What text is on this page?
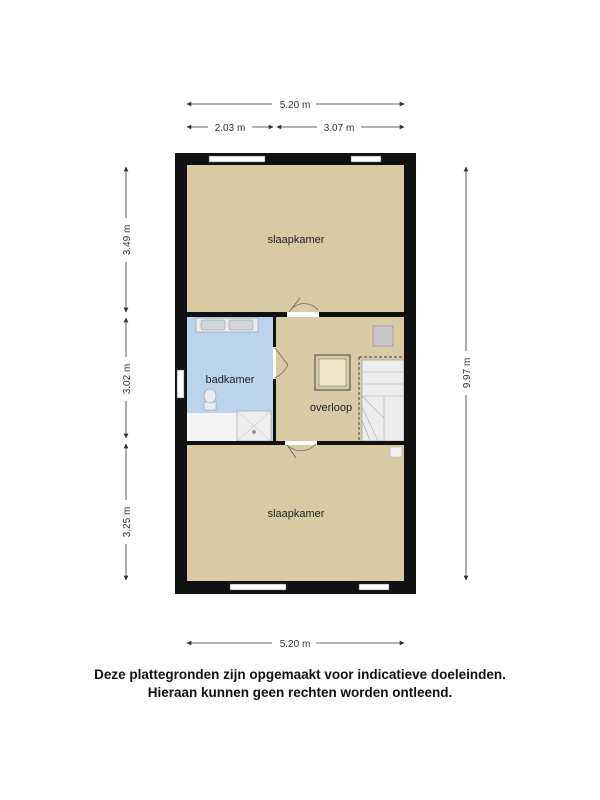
5.20 m
2.03 m	3.07 m
3.49 m
3.02 m
3.25 m
9.97 m
5.20 m
slaapkamer
badkamer
overloop
slaapkamer
Deze plattegronden zijn opgemaakt voor indicatieve doeleinden.
Hieraan kunnen geen rechten worden ontleend.
